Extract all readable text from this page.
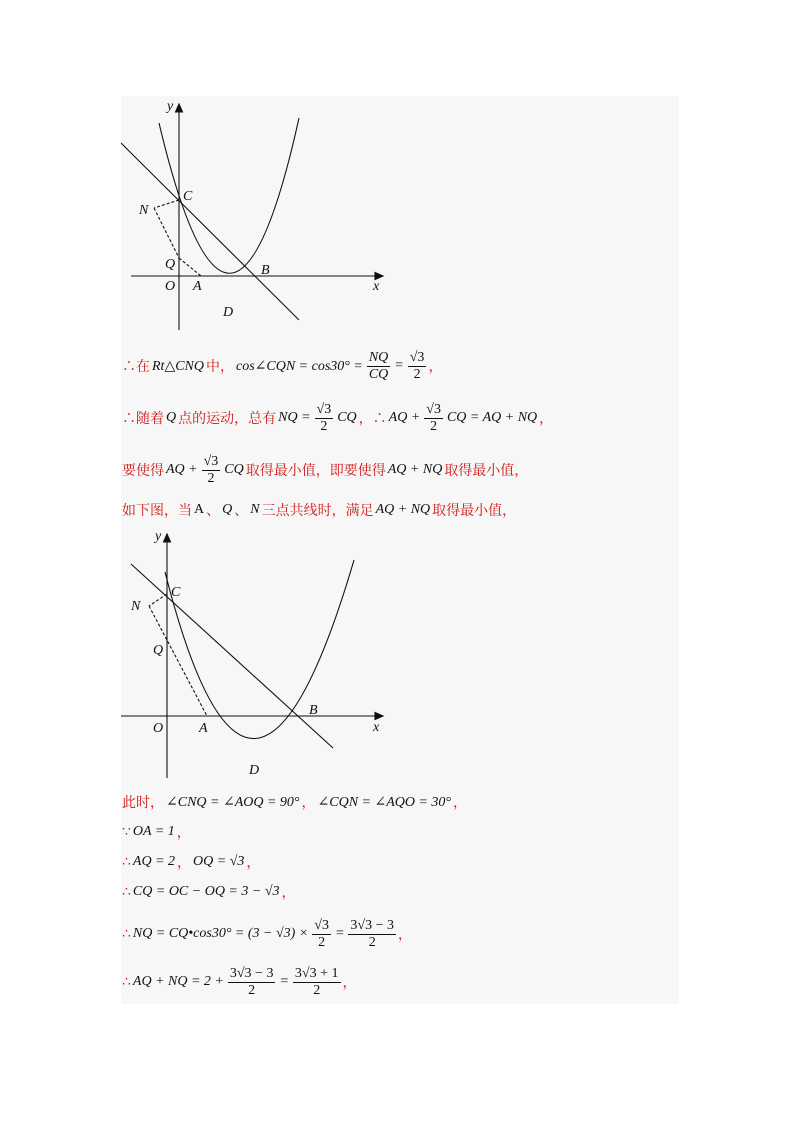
y
x
C
N
Q
O A
B
D
∴在 Rt△CNQ 中， cos∠CQN = $\cos 30^\circ = \frac{NQ}{CQ} = \frac{√3}{2}$ ，
∴随着 Q 点的运动，总有 NQ = $\frac{√3}{2}$ CQ ，∴ AQ + $\frac{√3}{2}$ CQ = AQ + NQ ，
要使得 AQ + $\frac{√3}{2}$ CQ 取得最小值，即要使得 AQ + NQ 取得最小值，
如下图，当 A 、 Q 、 N 三点共线时，满足 AQ + NQ 取得最小值，
y
x
C
N
Q
O	A
B
D
此时， ∠CNQ = ∠AOQ = 90° ， ∠CQN = ∠AQO = 30° ，
∵ OA = 1 ，
∴ AQ = 2 ， OQ = √3 ，
∴ CQ = OC − OQ = 3 − √3 ，
∴ NQ = CQ•cos30° = $(3 - √3) \times \frac{√3}{2} = \frac{3√3 - 3}{2}$ ，
∴ AQ + NQ = $2 + \frac{3√3 - 3}{2} = \frac{3√3 + 1}{2}$ ，
